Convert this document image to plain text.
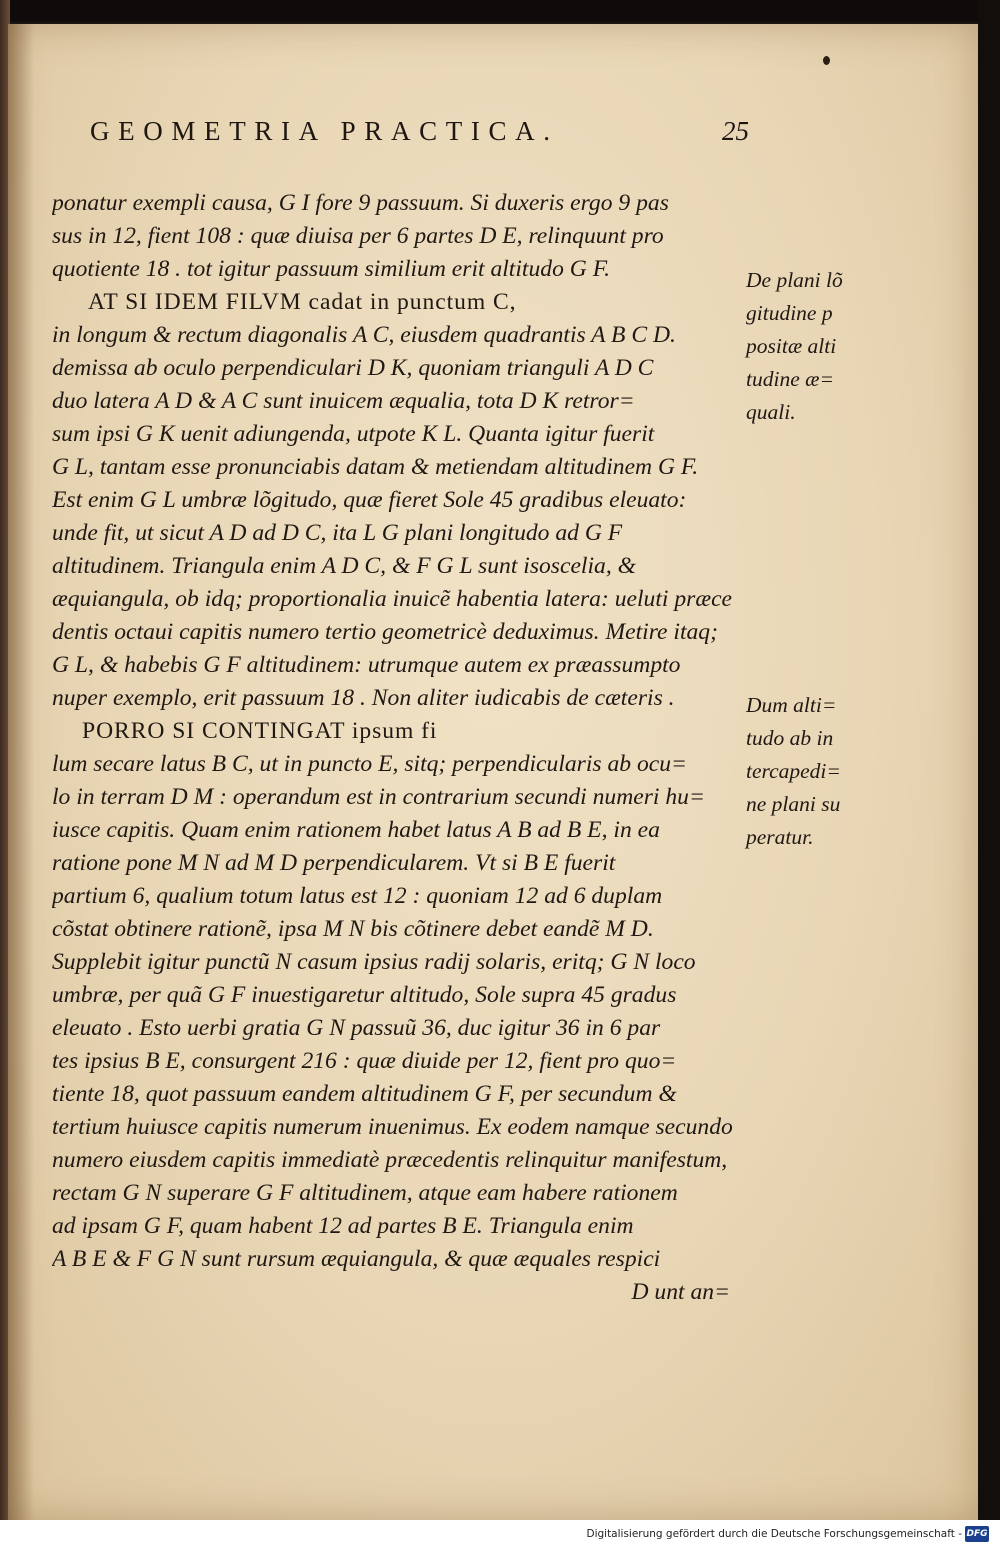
GEOMETRIA PRACTICA.	25
ponatur exempli causa, G I fore 9 passuum. Si duxeris ergo 9 pas
sus in 12, fient 108 : quæ diuisa per 6 partes D E, relinquunt pro
quotiente 18 . tot igitur passuum similium erit altitudo G F.
AT SI IDEM FILVM cadat in punctum C,
in longum & rectum diagonalis A C, eiusdem quadrantis A B C D.
demissa ab oculo perpendiculari D K, quoniam trianguli A D C
duo latera A D & A C sunt inuicem æqualia, tota D K retror=
sum ipsi G K uenit adiungenda, utpote K L. Quanta igitur fuerit
G L, tantam esse pronunciabis datam & metiendam altitudinem G F.
Est enim G L umbræ lõgitudo, quæ fieret Sole 45 gradibus eleuato:
unde fit, ut sicut A D ad D C, ita L G plani longitudo ad G F
altitudinem. Triangula enim A D C, & F G L sunt isoscelia, &
æquiangula, ob idq; proportionalia inuicẽ habentia latera: ueluti præce
dentis octaui capitis numero tertio geometricè deduximus. Metire itaq;
G L, & habebis G F altitudinem: utrumque autem ex præassumpto
nuper exemplo, erit passuum 18 . Non aliter iudicabis de cæteris .
PORRO SI CONTINGAT ipsum fi
lum secare latus B C, ut in puncto E, sitq; perpendicularis ab ocu=
lo in terram D M : operandum est in contrarium secundi numeri hu=
iusce capitis. Quam enim rationem habet latus A B ad B E, in ea
ratione pone M N ad M D perpendicularem. Vt si B E fuerit
partium 6, qualium totum latus est 12 : quoniam 12 ad 6 duplam
cõstat obtinere rationẽ, ipsa M N bis cõtinere debet eandẽ M D.
Supplebit igitur punctũ N casum ipsius radij solaris, eritq; G N loco
umbræ, per quã G F inuestigaretur altitudo, Sole supra 45 gradus
eleuato . Esto uerbi gratia G N passuũ 36, duc igitur 36 in 6 par
tes ipsius B E, consurgent 216 : quæ diuide per 12, fient pro quo=
tiente 18, quot passuum eandem altitudinem G F, per secundum &
tertium huiusce capitis numerum inuenimus. Ex eodem namque secundo
numero eiusdem capitis immediatè præcedentis relinquitur manifestum,
rectam G N superare G F altitudinem, atque eam habere rationem
ad ipsam G F, quam habent 12 ad partes B E. Triangula enim
A B E & F G N sunt rursum æquiangula, & quæ æquales respici
D unt an=
De plani lõ
gitudine p
positæ alti
tudine æ=
quali.
Dum alti=
tudo ab in
tercapedi=
ne plani su
peratur.
Digitalisierung gefördert durch die Deutsche Forschungsgemeinschaft - DFG
